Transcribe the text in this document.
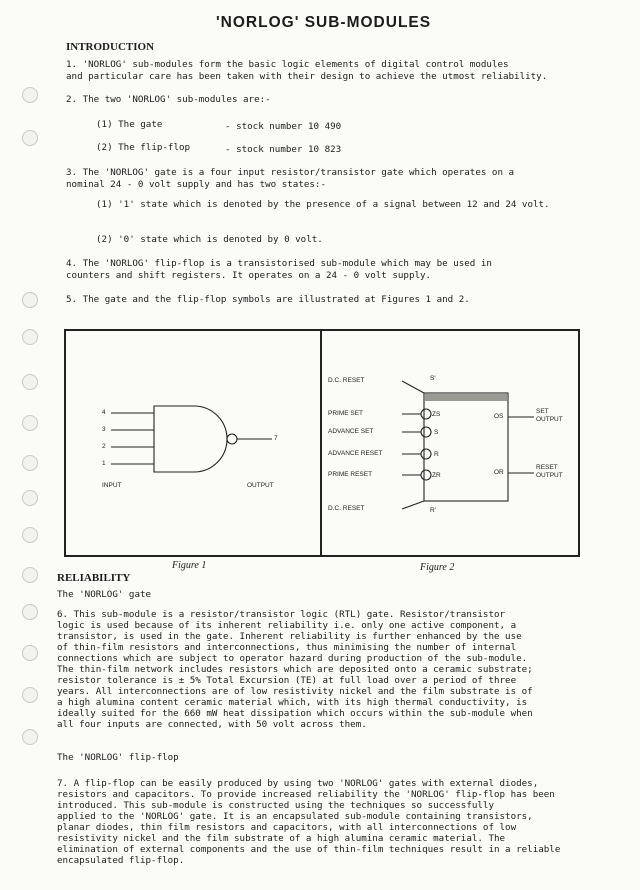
'NORLOG' SUB-MODULES
INTRODUCTION
1. 'NORLOG' sub-modules form the basic logic elements of digital control modules
and particular care has been taken with their design to achieve the utmost reliability.
2. The two 'NORLOG' sub-modules are:-
(1) The gate	- stock number 10 490
(2) The flip-flop	- stock number 10 823
3. The 'NORLOG' gate is a four input resistor/transistor gate which operates on a
nominal 24 - 0 volt supply and has two states:-
(1) '1' state which is denoted by the presence of a signal between 12 and 24 volt.
(2) '0' state which is denoted by 0 volt.
4. The 'NORLOG' flip-flop is a transistorised sub-module which may be used in
counters and shift registers. It operates on a 24 - 0 volt supply.
5. The gate and the flip-flop symbols are illustrated at Figures 1 and 2.
4
3
2
1
7
INPUT	OUTPUT
D.C. RESET
PRIME SET
ADVANCE SET
ADVANCE RESET
PRIME RESET
D.C. RESET
S'
ZS
S
R
ZR
R'
OS
OR
SET
OUTPUT
RESET
OUTPUT
Figure 1	Figure 2
RELIABILITY
The 'NORLOG' gate
6. This sub-module is a resistor/transistor logic (RTL) gate. Resistor/transistor
logic is used because of its inherent reliability i.e. only one active component, a
transistor, is used in the gate. Inherent reliability is further enhanced by the use
of thin-film resistors and interconnections, thus minimising the number of internal
connections which are subject to operator hazard during production of the sub-module.
The thin-film network includes resistors which are deposited onto a ceramic substrate;
resistor tolerance is ± 5% Total Excursion (TE) at full load over a period of three
years. All interconnections are of low resistivity nickel and the film substrate is of
a high alumina content ceramic material which, with its high thermal conductivity, is
ideally suited for the 660 mW heat dissipation which occurs within the sub-module when
all four inputs are connected, with 50 volt across them.
The 'NORLOG' flip-flop
7. A flip-flop can be easily produced by using two 'NORLOG' gates with external diodes,
resistors and capacitors. To provide increased reliability the 'NORLOG' flip-flop has been
introduced. This sub-module is constructed using the techniques so successfully
applied to the 'NORLOG' gate. It is an encapsulated sub-module containing transistors,
planar diodes, thin film resistors and capacitors, with all interconnections of low
resistivity nickel and the film substrate of a high alumina ceramic material. The
elimination of external components and the use of thin-film techniques result in a reliable
encapsulated flip-flop.
